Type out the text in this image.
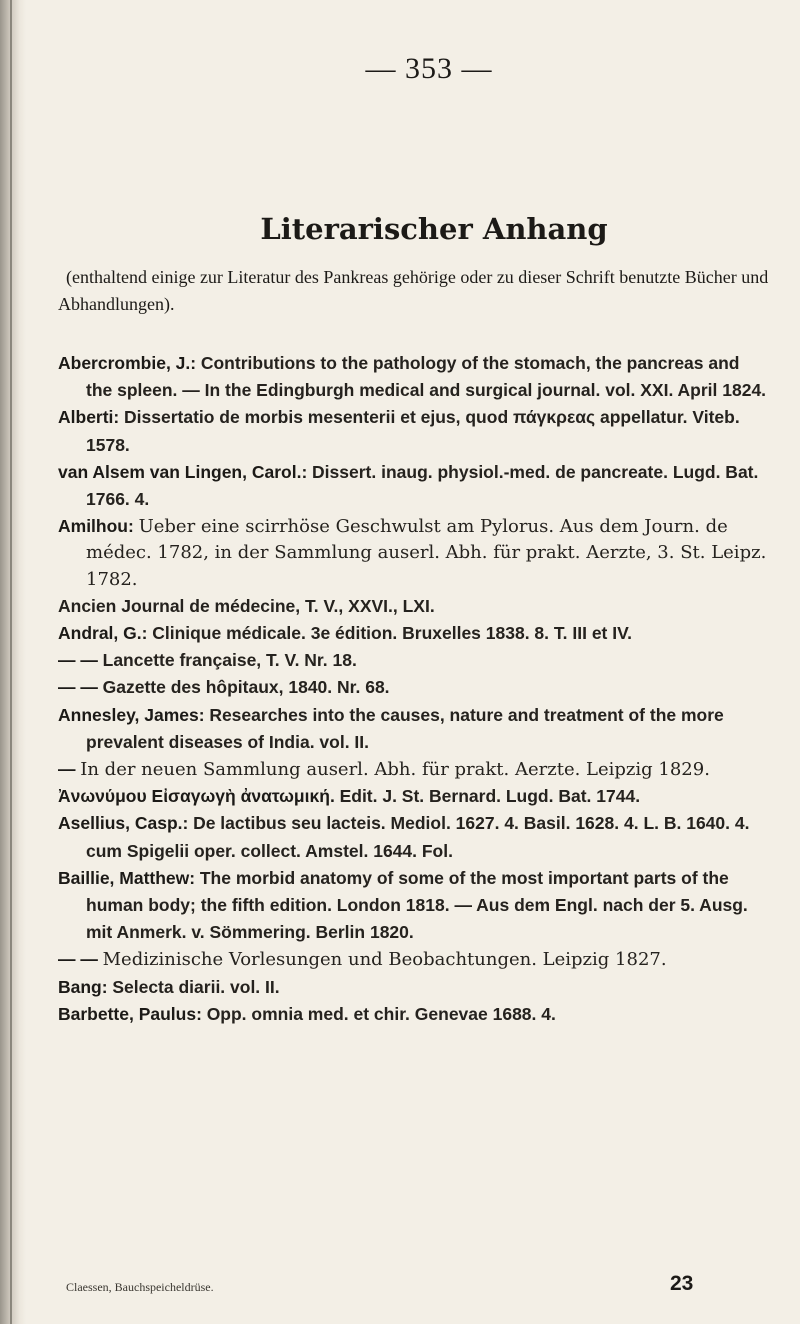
— 353 —
Literarischer Anhang
(enthaltend einige zur Literatur des Pankreas gehörige oder zu dieser Schrift benutzte Bücher und Abhandlungen).

Abercrombie, J.: Contributions to the pathology of the stomach, the pancreas and the spleen. — In the Edingburgh medical and surgical journal. vol. XXI. April 1824.

Alberti: Dissertatio de morbis mesenterii et ejus, quod πάγκρεας appellatur. Viteb. 1578.

van Alsem van Lingen, Carol.: Dissert. inaug. physiol.-med. de pancreate. Lugd. Bat. 1766. 4.

Amilhou: Ueber eine scirrhöse Geschwulst am Pylorus. Aus dem Journ. de médec. 1782, in der Sammlung auserl. Abh. für prakt. Aerzte, 3. St. Leipz. 1782.

Ancien Journal de médecine, T. V., XXVI., LXI.

Andral, G.: Clinique médicale. 3e édition. Bruxelles 1838. 8. T. III et IV.

— — Lancette française, T. V. Nr. 18.

— — Gazette des hôpitaux, 1840. Nr. 68.

Annesley, James: Researches into the causes, nature and treatment of the more prevalent diseases of India. vol. II.

— In der neuen Sammlung auserl. Abh. für prakt. Aerzte. Leipzig 1829.

Ἀνωνύμου Εἰσαγωγὴ ἀνατωμική. Edit. J. St. Bernard. Lugd. Bat. 1744.

Asellius, Casp.: De lactibus seu lacteis. Mediol. 1627. 4. Basil. 1628. 4. L. B. 1640. 4. cum Spigelii oper. collect. Amstel. 1644. Fol.

Baillie, Matthew: The morbid anatomy of some of the most important parts of the human body; the fifth edition. London 1818. — Aus dem Engl. nach der 5. Ausg. mit Anmerk. v. Sömmering. Berlin 1820.

— — Medizinische Vorlesungen und Beobachtungen. Leipzig 1827.

Bang: Selecta diarii. vol. II.

Barbette, Paulus: Opp. omnia med. et chir. Genevae 1688. 4.

Claessen, Bauchspeicheldrüse.	23
